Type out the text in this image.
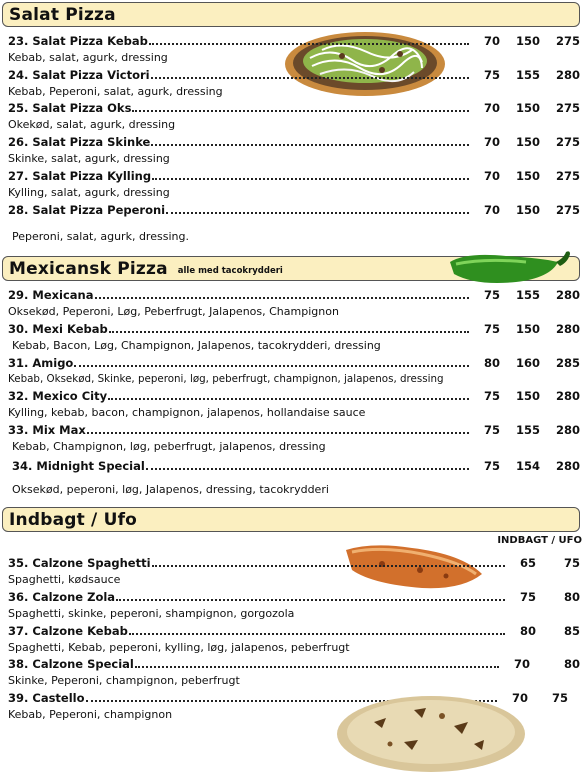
Salat Pizza
23. Salat Pizza Kebab	70	150	275
Kebab, salat, agurk, dressing
24. Salat Pizza Victori	75	155	280
Kebab, Peperoni, salat, agurk, dressing
25. Salat Pizza Oks	70	150	275
Okekød, salat, agurk, dressing
26. Salat Pizza Skinke	70	150	275
Skinke, salat, agurk, dressing
27. Salat Pizza Kylling	70	150	275
Kylling, salat, agurk, dressing
28. Salat Pizza Peperoni	70	150	275
Peperoni, salat, agurk, dressing.
Mexicansk Pizza alle med tacokrydderi
29. Mexicana	75	155	280
Oksekød, Peperoni, Løg, Peberfrugt, Jalapenos, Champignon
30. Mexi Kebab	75	150	280
Kebab, Bacon, Løg, Champignon, Jalapenos, tacokrydderi, dressing
31. Amigo	80	160	285
Kebab, Oksekød, Skinke, peperoni, løg, peberfrugt, champignon, jalapenos, dressing
32. Mexico City	75	150	280
Kylling, kebab, bacon, champignon, jalapenos, hollandaise sauce
33. Mix Max	75	155	280
Kebab, Champignon, løg, peberfrugt, jalapenos, dressing
34. Midnight Special	75	154	280
Oksekød, peperoni, løg, Jalapenos, dressing, tacokrydderi
Indbagt / Ufo
INDBAGT / UFO
35. Calzone Spaghetti	65	75
Spaghetti, kødsauce
36. Calzone Zola	75	80
Spaghetti, skinke, peperoni, shampignon, gorgozola
37. Calzone Kebab	80	85
Spaghetti, Kebab, peperoni, kylling, løg, jalapenos, peberfrugt
38. Calzone Special	70	80
Skinke, Peperoni, champignon, peberfrugt
39. Castello	70	75
Kebab, Peperoni, champignon
